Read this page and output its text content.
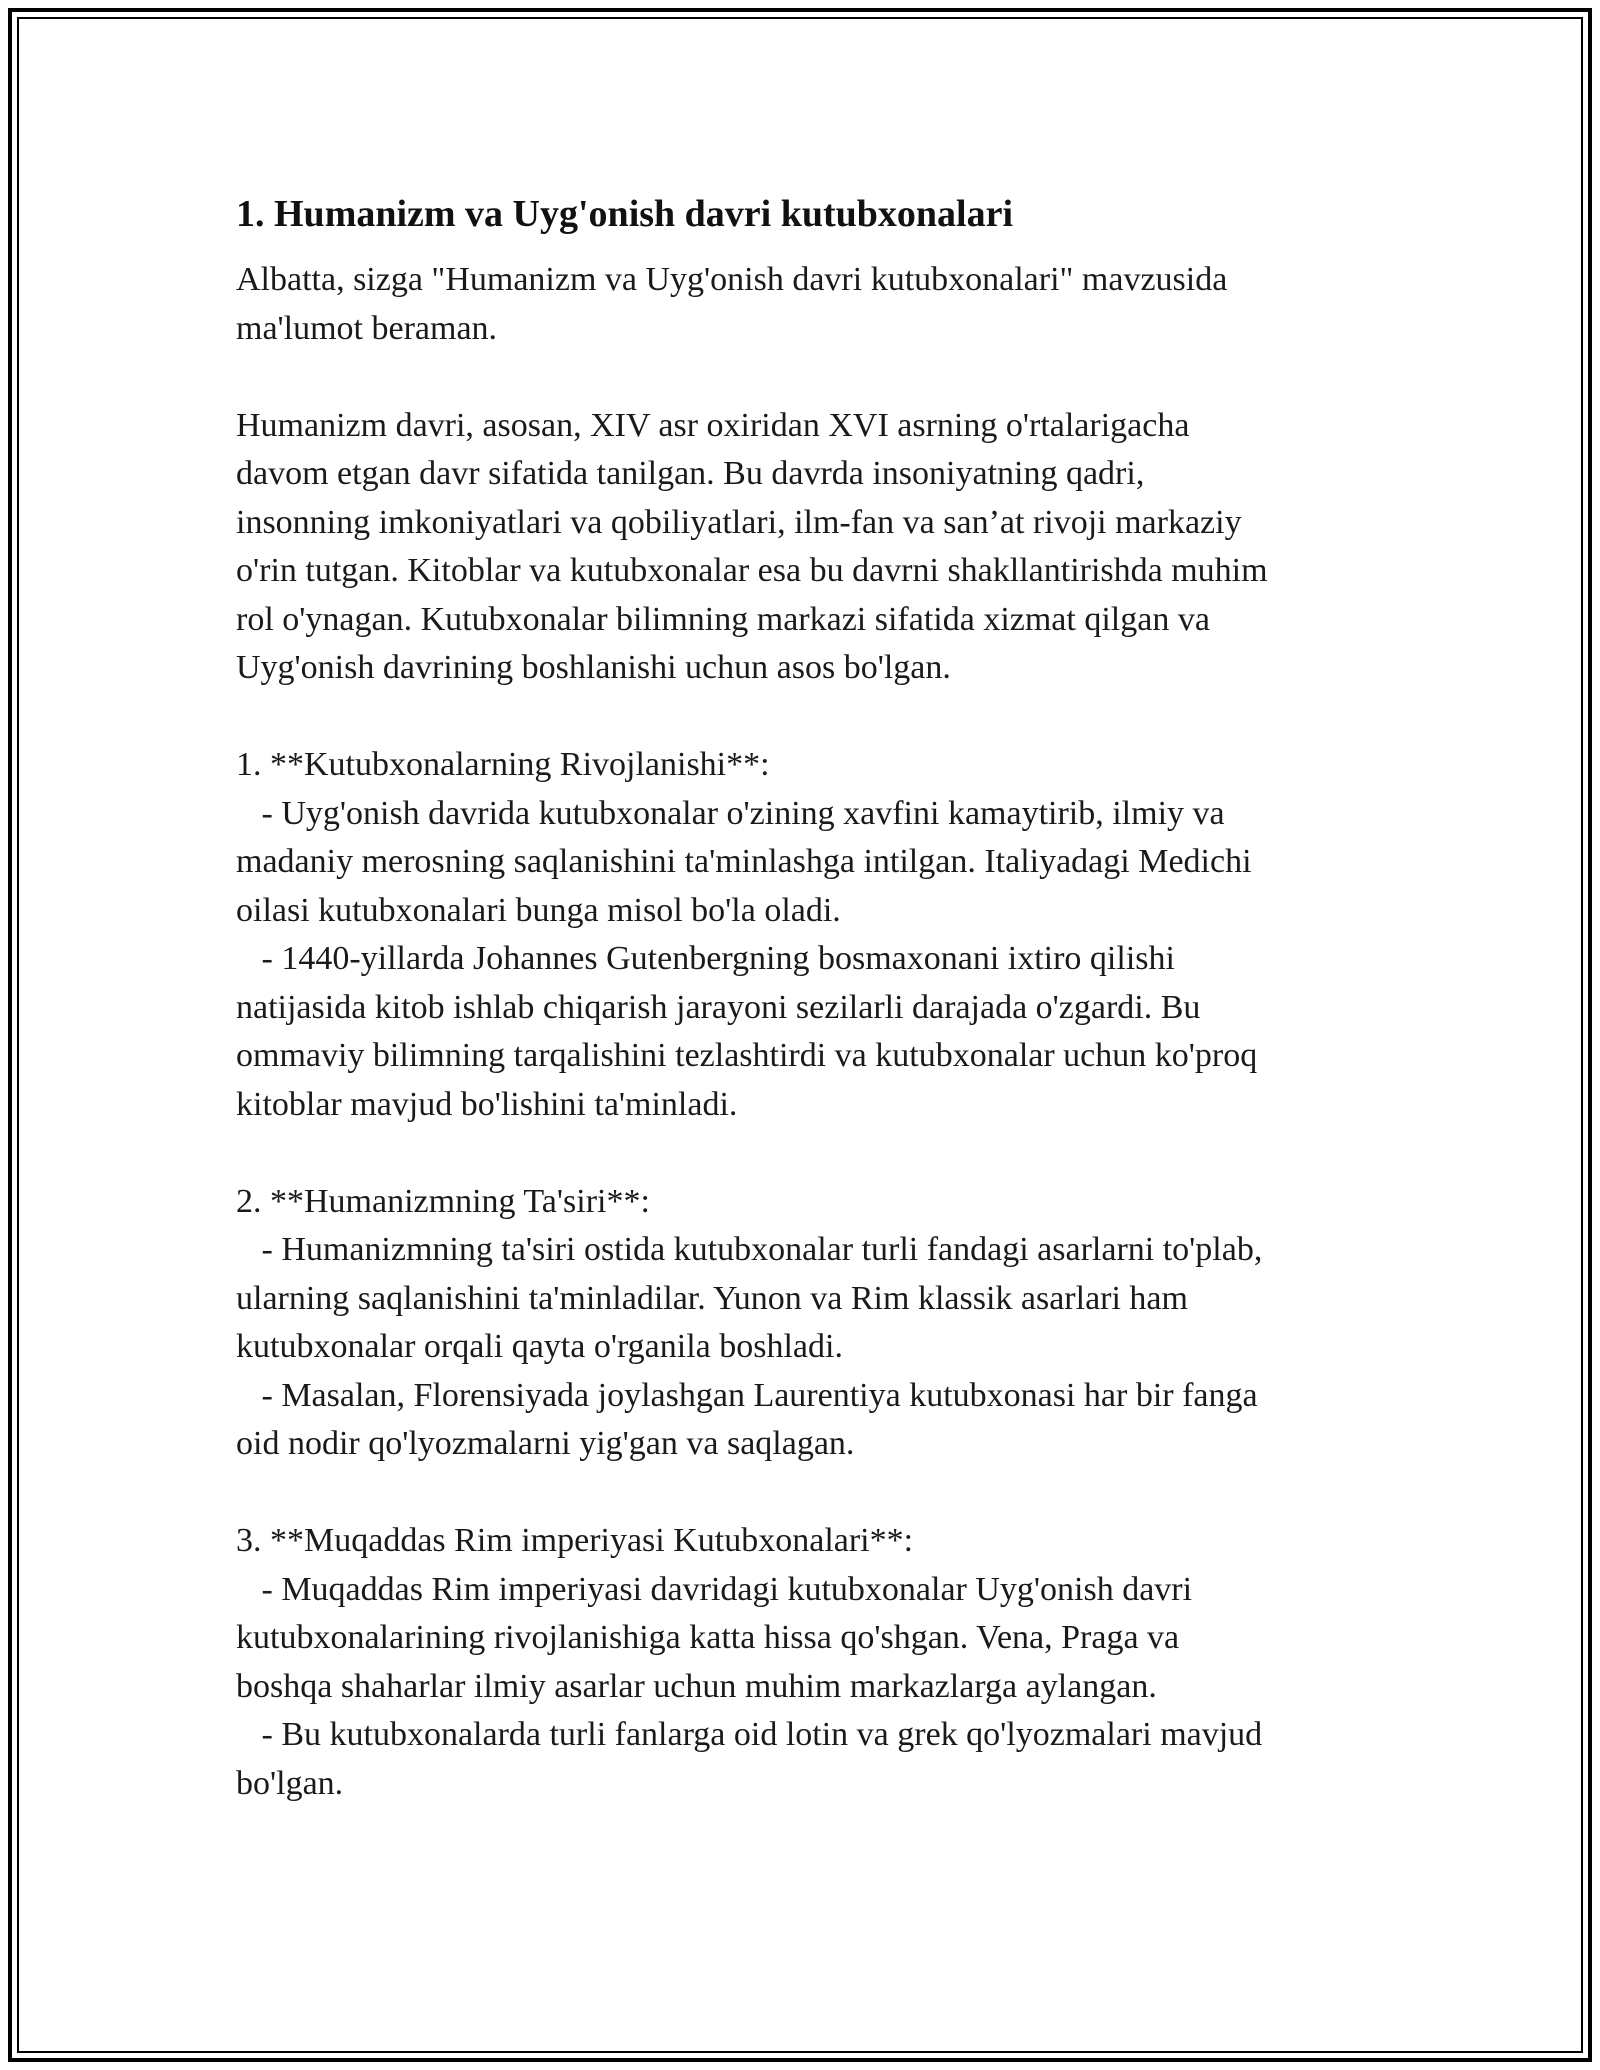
1. Humanizm va Uyg'onish davri kutubxonalari

Albatta, sizga "Humanizm va Uyg'onish davri kutubxonalari" mavzusida
ma'lumot beraman.

Humanizm davri, asosan, XIV asr oxiridan XVI asrning o'rtalarigacha
davom etgan davr sifatida tanilgan. Bu davrda insoniyatning qadri,
insonning imkoniyatlari va qobiliyatlari, ilm-fan va san’at rivoji markaziy
o'rin tutgan. Kitoblar va kutubxonalar esa bu davrni shakllantirishda muhim
rol o'ynagan. Kutubxonalar bilimning markazi sifatida xizmat qilgan va
Uyg'onish davrining boshlanishi uchun asos bo'lgan.

1. **Kutubxonalarning Rivojlanishi**:
- Uyg'onish davrida kutubxonalar o'zining xavfini kamaytirib, ilmiy va
madaniy merosning saqlanishini ta'minlashga intilgan. Italiyadagi Medichi
oilasi kutubxonalari bunga misol bo'la oladi.
- 1440-yillarda Johannes Gutenbergning bosmaxonani ixtiro qilishi
natijasida kitob ishlab chiqarish jarayoni sezilarli darajada o'zgardi. Bu
ommaviy bilimning tarqalishini tezlashtirdi va kutubxonalar uchun ko'proq
kitoblar mavjud bo'lishini ta'minladi.

2. **Humanizmning Ta'siri**:
- Humanizmning ta'siri ostida kutubxonalar turli fandagi asarlarni to'plab,
ularning saqlanishini ta'minladilar. Yunon va Rim klassik asarlari ham
kutubxonalar orqali qayta o'rganila boshladi.
- Masalan, Florensiyada joylashgan Laurentiya kutubxonasi har bir fanga
oid nodir qo'lyozmalarni yig'gan va saqlagan.

3. **Muqaddas Rim imperiyasi Kutubxonalari**:
- Muqaddas Rim imperiyasi davridagi kutubxonalar Uyg'onish davri
kutubxonalarining rivojlanishiga katta hissa qo'shgan. Vena, Praga va
boshqa shaharlar ilmiy asarlar uchun muhim markazlarga aylangan.
- Bu kutubxonalarda turli fanlarga oid lotin va grek qo'lyozmalari mavjud
bo'lgan.
